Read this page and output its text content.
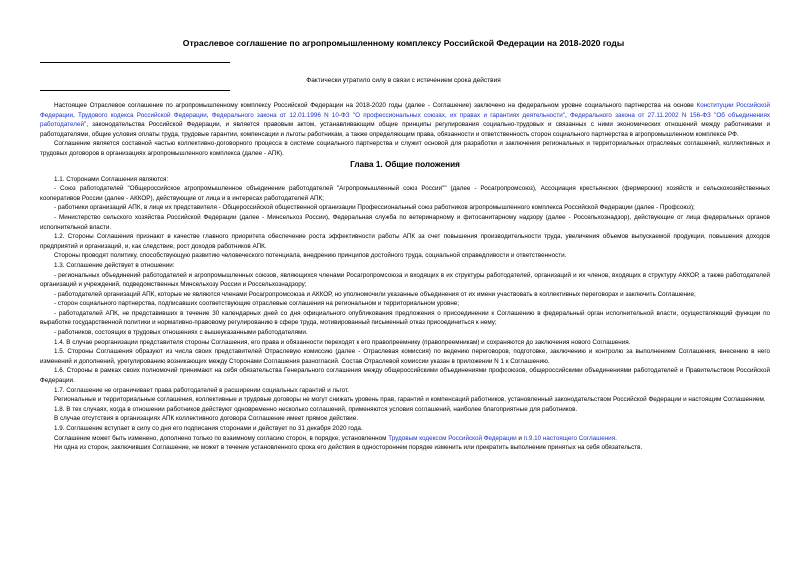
Отраслевое соглашение по агропромышленному комплексу Российской Федерации на 2018-2020 годы
Фактически утратило силу в связи с истечением срока действия

Настоящее Отраслевое соглашение по агропромышленному комплексу Российской Федерации на 2018-2020 годы (далее - Соглашение) заключено на федеральном уровне социального партнерства на основе Конституции Российской Федерации, Трудового кодекса Российской Федерации, Федерального закона от 12.01.1996 N 10-ФЗ "О профессиональных союзах, их правах и гарантиях деятельности", Федерального закона от 27.11.2002 N 156-ФЗ "Об объединениях работодателей", законодательства Российской Федерации, и является правовым актом, устанавливающим общие принципы регулирования социально-трудовых и связанных с ними экономических отношений между работниками и работодателями, общие условия оплаты труда, трудовые гарантии, компенсации и льготы работникам, а также определяющим права, обязанности и ответственность сторон социального партнерства в агропромышленном комплексе РФ.

Соглашение является составной частью коллективно-договорного процесса в системе социального партнерства и служит основой для разработки и заключения региональных и территориальных отраслевых соглашений, коллективных и трудовых договоров в организациях агропромышленного комплекса (далее - АПК).

Глава 1. Общие положения

1.1. Сторонами Соглашения являются:

- Союз работодателей "Общероссийское агропромышленное объединение работодателей "Агропромышленный союз России"" (далее - Росагропромсоюз), Ассоциация крестьянских (фермерских) хозяйств и сельскохозяйственных кооперативов России (далее - АККОР), действующие от лица и в интересах работодателей АПК;

- работники организаций АПК, в лице их представителя - Общероссийской общественной организации Профессиональный союз работников агропромышленного комплекса Российской Федерации (далее - Профсоюз);

- Министерство сельского хозяйства Российской Федерации (далее - Минсельхоз России), Федеральная служба по ветеринарному и фитосанитарному надзору (далее - Россельхознадзор), действующие от лица федеральных органов исполнительной власти.

1.2. Стороны Соглашения признают в качестве главного приоритета обеспечение роста эффективности работы АПК за счет повышения производительности труда, увеличения объемов выпускаемой продукции, повышения доходов предприятий и организаций, и, как следствие, рост доходов работников АПК.

Стороны проводят политику, способствующую развитию человеческого потенциала, внедрению принципов достойного труда, социальной справедливости и ответственности.

1.3. Соглашение действует в отношении:

- региональных объединений работодателей и агропромышленных союзов, являющихся членами Росагропромсоюза и входящих в их структуры работодателей, организаций и их членов, входящих в структуру АККОР, а также работодателей организаций и учреждений, подведомственных Минсельхозу России и Россельхознадзору;

- работодателей организаций АПК, которые не являются членами Росагропромсоюза и АККОР, но уполномочили указанные объединения от их имени участвовать в коллективных переговорах и заключить Соглашение;

- сторон социального партнерства, подписавших соответствующие отраслевые соглашения на региональном и территориальном уровне;

- работодателей АПК, не представивших в течение 30 календарных дней со дня официального опубликования предложения о присоединении к Соглашению в федеральный орган исполнительной власти, осуществляющий функции по выработке государственной политики и нормативно-правовому регулированию в сфере труда, мотивированный письменный отказ присоединиться к нему;

- работников, состоящих в трудовых отношениях с вышеуказанными работодателями.

1.4. В случае реорганизации представителя стороны Соглашения, его права и обязанности переходят к его правопреемнику (правопреемникам) и сохраняются до заключения нового Соглашения.

1.5. Стороны Соглашения образуют из числа своих представителей Отраслевую комиссию (далее - Отраслевая комиссия) по ведению переговоров, подготовке, заключению и контролю за выполнением Соглашения, внесению в него изменений и дополнений, урегулированию возникающих между Сторонами Соглашения разногласий. Состав Отраслевой комиссии указан в приложении N 1 к Соглашению.

1.6. Стороны в рамках своих полномочий принимают на себя обязательства Генерального соглашения между общероссийскими объединениями профсоюзов, общероссийскими объединениями работодателей и Правительством Российской Федерации.

1.7. Соглашение не ограничивает права работодателей в расширении социальных гарантий и льгот.

Региональные и территориальные соглашения, коллективные и трудовые договоры не могут снижать уровень прав, гарантий и компенсаций работников, установленный законодательством Российской Федерации и настоящим Соглашением.

1.8. В тех случаях, когда в отношении работников действуют одновременно несколько соглашений, применяются условия соглашений, наиболее благоприятные для работников.

В случае отсутствия в организациях АПК коллективного договора Соглашение имеет прямое действие.

1.9. Соглашение вступает в силу со дня его подписания сторонами и действует по 31 декабря 2020 года.

Соглашение может быть изменено, дополнено только по взаимному согласию сторон, в порядке, установленном Трудовым кодексом Российской Федерации и п.9.10 настоящего Соглашения.

Ни одна из сторон, заключивших Соглашение, не может в течение установленного срока его действия в одностороннем порядке изменить или прекратить выполнение принятых на себя обязательств.
